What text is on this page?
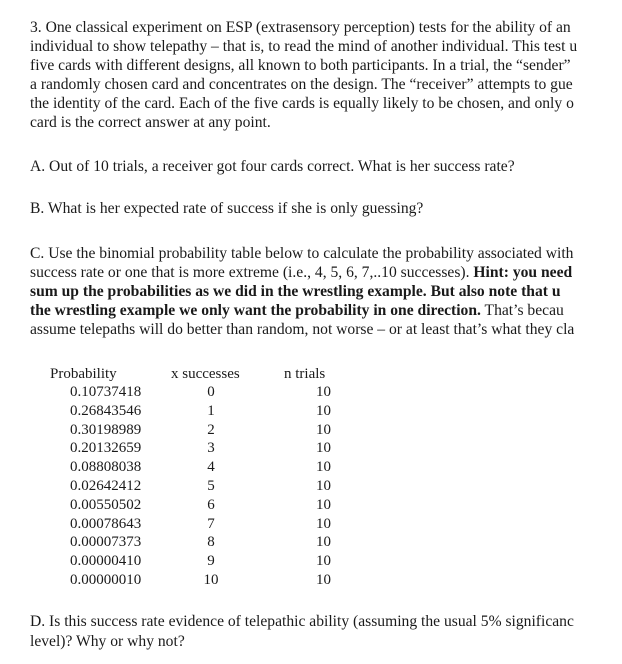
3. One classical experiment on ESP (extrasensory perception) tests for the ability of an
individual to show telepathy – that is, to read the mind of another individual. This test u
five cards with different designs, all known to both participants. In a trial, the “sender”
a randomly chosen card and concentrates on the design. The “receiver” attempts to gue
the identity of the card. Each of the five cards is equally likely to be chosen, and only o
card is the correct answer at any point.
A. Out of 10 trials, a receiver got four cards correct. What is her success rate?
B. What is her expected rate of success if she is only guessing?
C. Use the binomial probability table below to calculate the probability associated with
success rate or one that is more extreme (i.e., 4, 5, 6, 7,..10 successes). Hint: you need
sum up the probabilities as we did in the wrestling example. But also note that u
the wrestling example we only want the probability in one direction. That’s becau
assume telepaths will do better than random, not worse – or at least that’s what they cla
Probability	x successes	n trials
0.10737418	0	10
0.26843546	1	10
0.30198989	2	10
0.20132659	3	10
0.08808038	4	10
0.02642412	5	10
0.00550502	6	10
0.00078643	7	10
0.00007373	8	10
0.00000410	9	10
0.00000010	10	10
D. Is this success rate evidence of telepathic ability (assuming the usual 5% significanc
level)? Why or why not?
